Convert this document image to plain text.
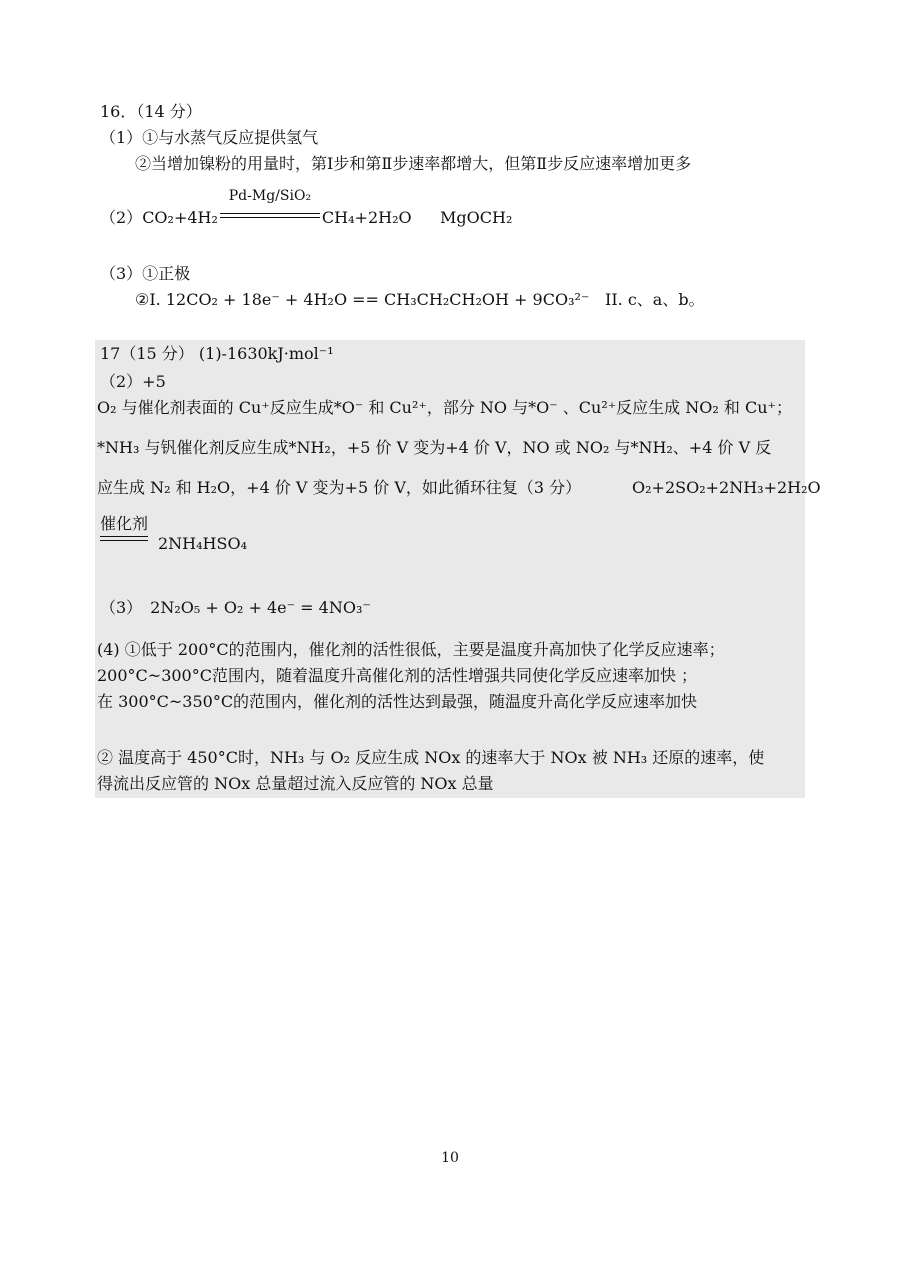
16．（14 分）
（1）①与水蒸气反应提供氢气
②当增加镍粉的用量时，第Ⅰ步和第Ⅱ步速率都增大，但第Ⅱ步反应速率增加更多
（2）CO₂+4H₂
Pd-Mg/SiO₂
CH₄+2H₂O MgOCH₂
（3）①正极
②I. 12CO₂ + 18e⁻ + 4H₂O == CH₃CH₂CH₂OH + 9CO₃²⁻ II. c、a、b。
17（15 分） (1)-1630kJ·mol⁻¹
（2）+5
O₂ 与催化剂表面的 Cu⁺反应生成*O⁻ 和 Cu²⁺，部分 NO 与*O⁻ 、Cu²⁺反应生成 NO₂ 和 Cu⁺；
*NH₃ 与钒催化剂反应生成*NH₂，+5 价 V 变为+4 价 V，NO 或 NO₂ 与*NH₂、+4 价 V 反
应生成 N₂ 和 H₂O，+4 价 V 变为+5 价 V，如此循环往复（3 分）	O₂+2SO₂+2NH₃+2H₂O
催化剂
2NH₄HSO₄
（3）　2N₂O₅ + O₂ + 4e⁻ = 4NO₃⁻
(4) ①低于 200°C的范围内，催化剂的活性很低，主要是温度升高加快了化学反应速率；
200°C~300°C范围内，随着温度升高催化剂的活性增强共同使化学反应速率加快 ；
在 300°C~350°C的范围内，催化剂的活性达到最强，随温度升高化学反应速率加快
② 温度高于 450°C时，NH₃ 与 O₂ 反应生成 NOx 的速率大于 NOx 被 NH₃ 还原的速率，使
得流出反应管的 NOx 总量超过流入反应管的 NOx 总量
10
